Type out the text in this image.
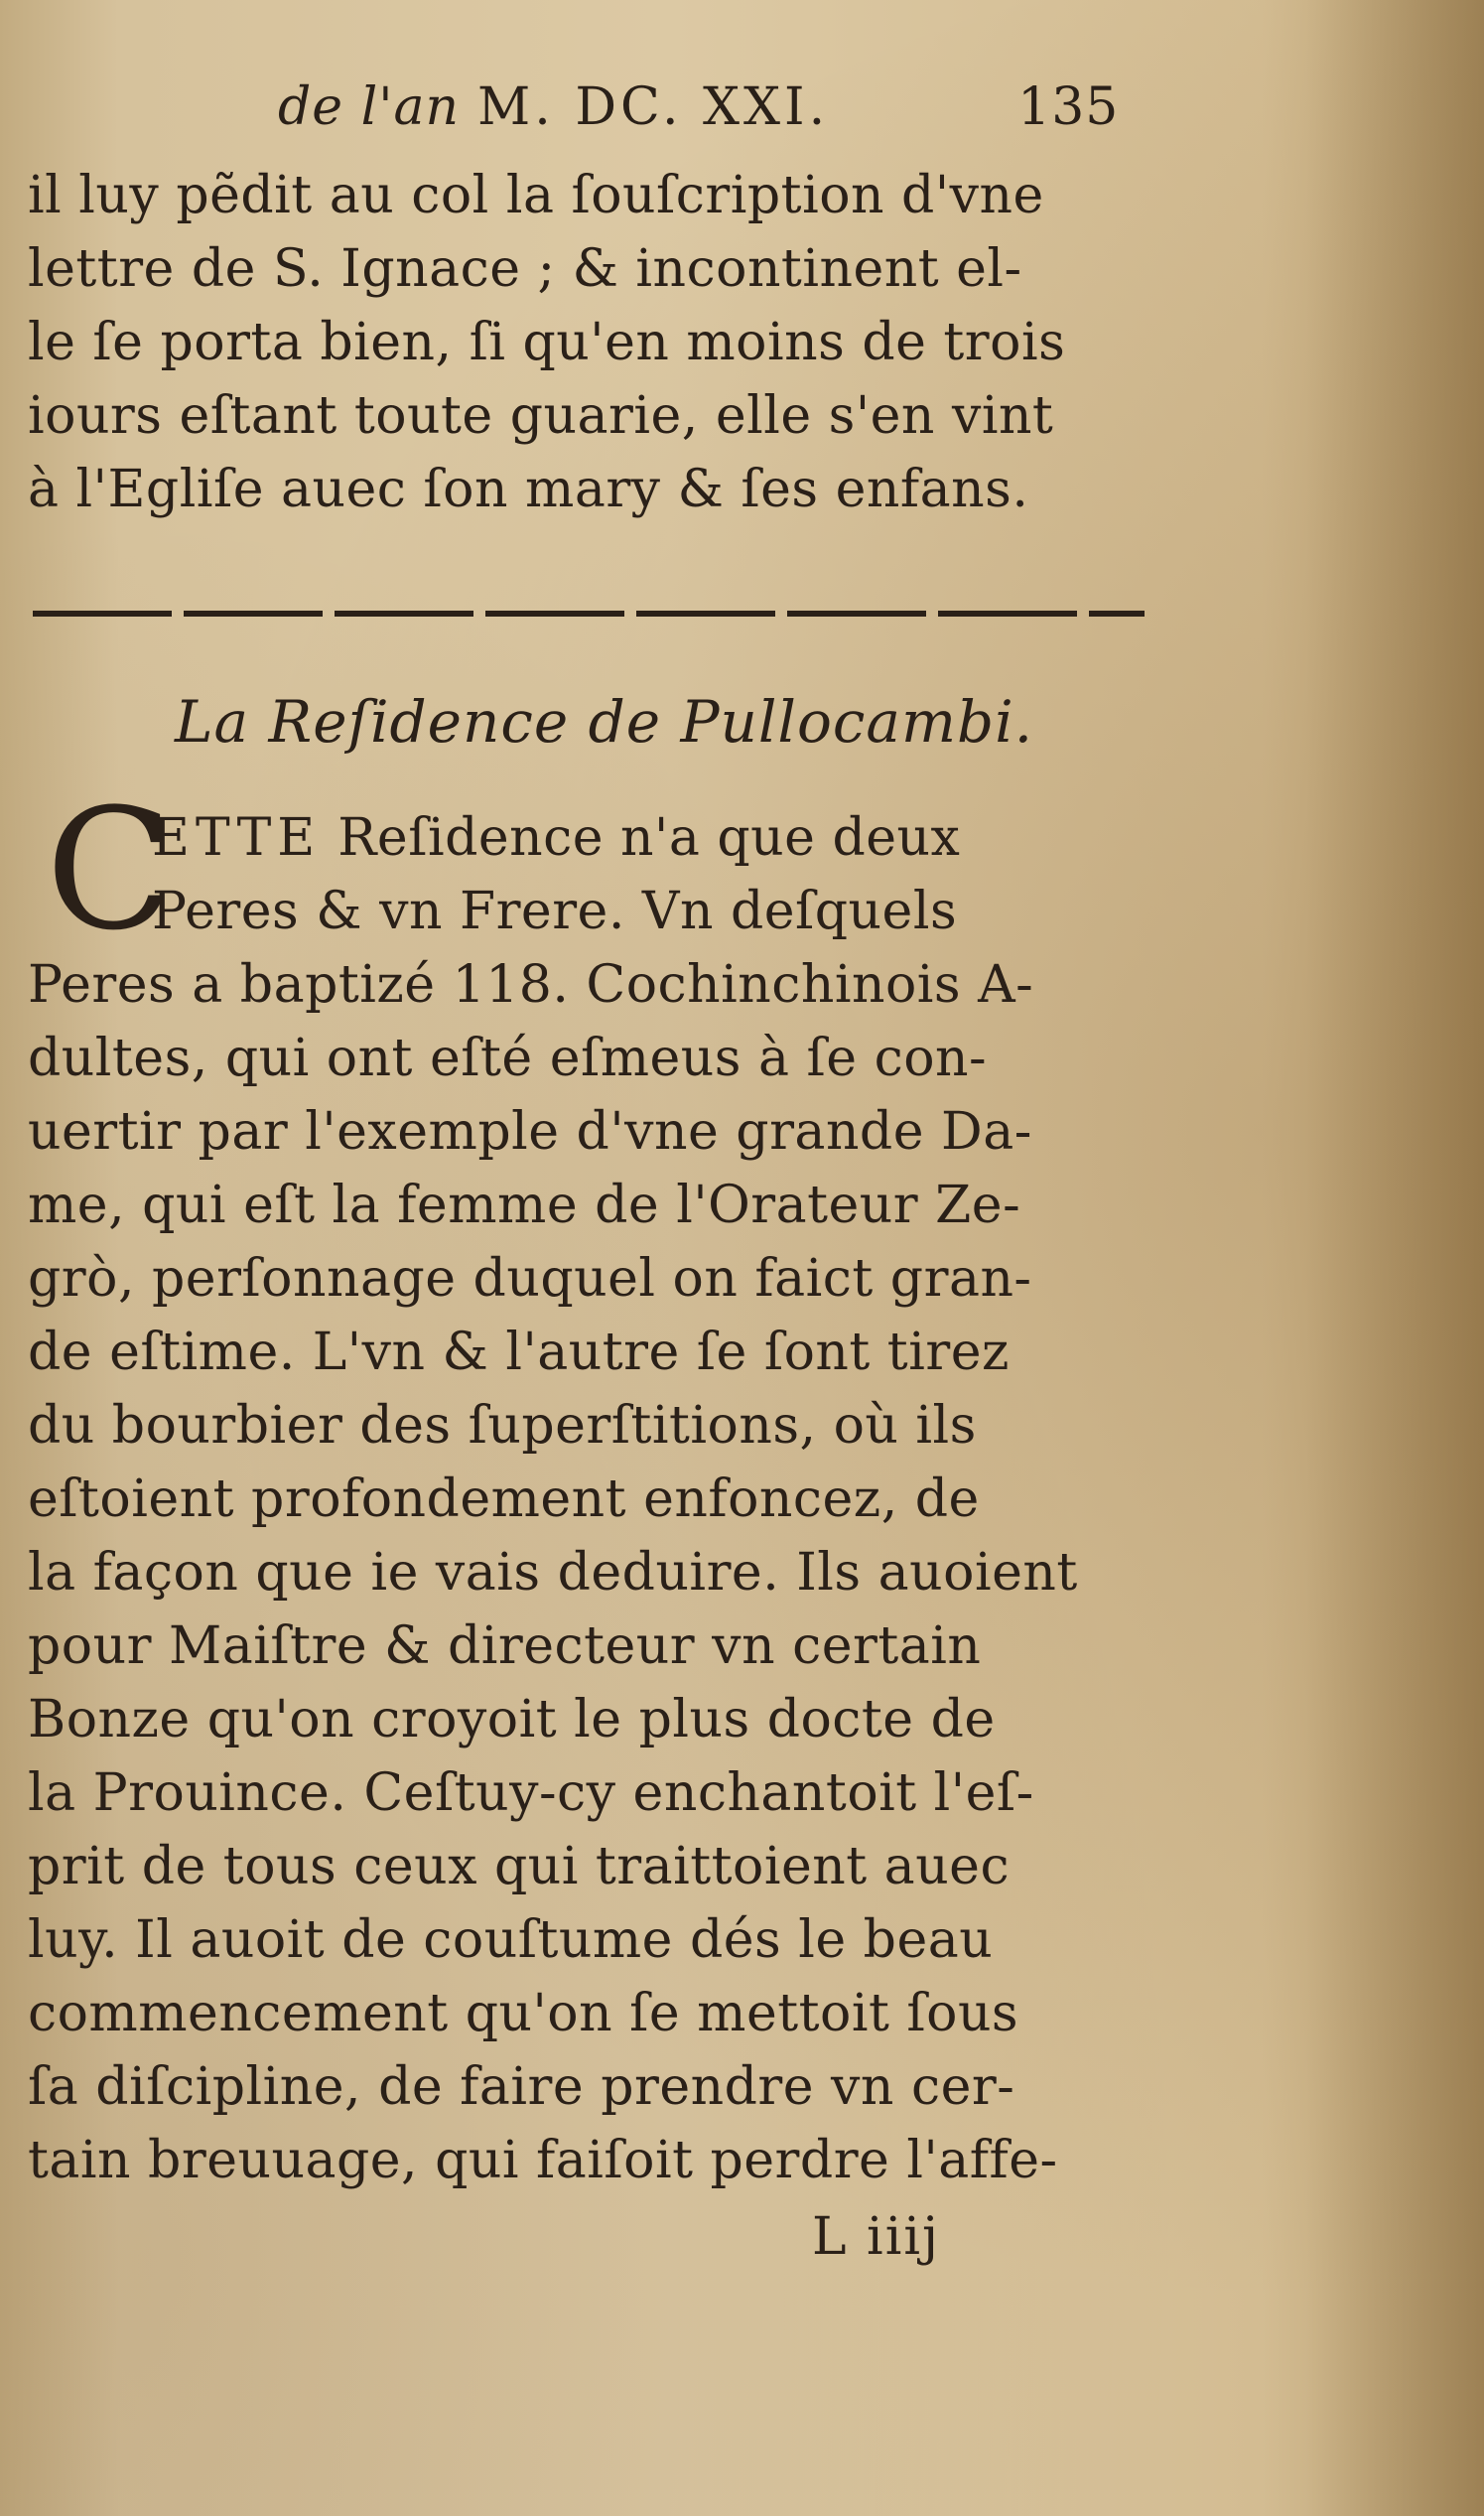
de l'an M. DC. XXI.	135
il luy pẽdit au col la ſouſcription d'vne
lettre de S. Ignace ; & incontinent el-
le ſe porta bien, ſi qu'en moins de trois
iours eſtant toute guarie, elle s'en vint
à l'Egliſe auec ſon mary & ſes enfans.
La Reſidence de Pullocambi.
C
ETTE Reſidence n'a que deux
Peres & vn Frere. Vn deſquels
Peres a baptizé 118. Cochinchinois A-
dultes, qui ont eſté eſmeus à ſe con-
uertir par l'exemple d'vne grande Da-
me, qui eſt la femme de l'Orateur Ze-
grò, perſonnage duquel on faict gran-
de eſtime. L'vn & l'autre ſe ſont tirez
du bourbier des ſuperſtitions, où ils
eſtoient profondement enfoncez, de
la façon que ie vais deduire. Ils auoient
pour Maiſtre & directeur vn certain
Bonze qu'on croyoit le plus docte de
la Prouince. Ceſtuy-cy enchantoit l'eſ-
prit de tous ceux qui traittoient auec
luy. Il auoit de couſtume dés le beau
commencement qu'on ſe mettoit ſous
ſa diſcipline, de faire prendre vn cer-
tain breuuage, qui faiſoit perdre l'affe-
L iiij
